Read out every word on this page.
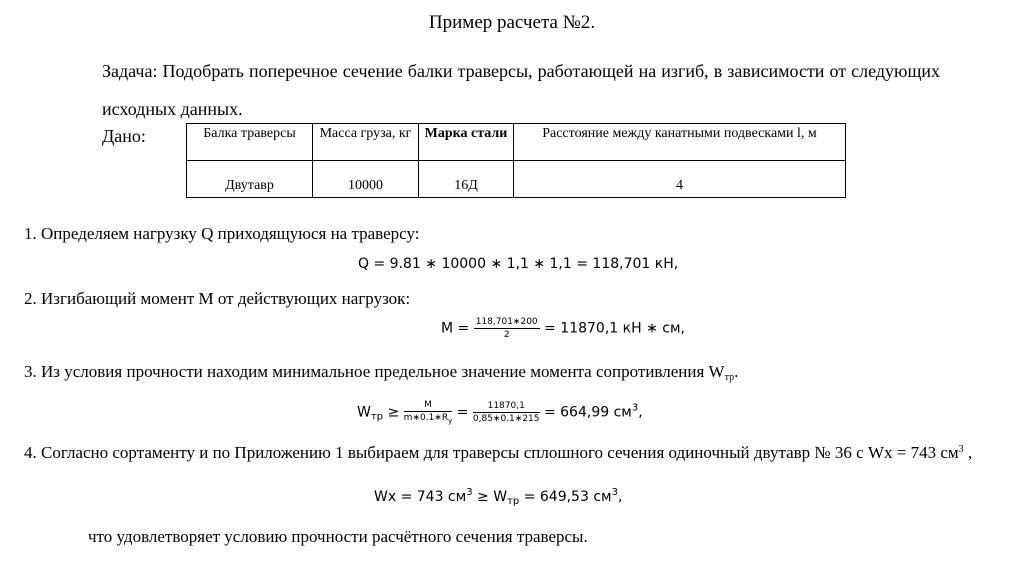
Пример расчета №2.
Задача: Подобрать поперечное сечение балки траверсы, работающей на изгиб, в зависимости от следующих исходных данных.
Дано:	Балка траверсы	Масса груза, кг	Марка стали	Расстояние между канатными подвесками l, м
Двутавр	10000	16Д	4
1. Определяем нагрузку Q приходящуюся на траверсу:
Q = 9.81 ∗ 10000 ∗ 1,1 ∗ 1,1 = 118,701 кН,
2. Изгибающий момент M от действующих нагрузок:
$M = \frac{118,701∗200}{2} = 11870,1$ кН ∗ см,
3. Из условия прочности находим минимальное предельное значение момента сопротивления $W_{тр}$.
$W_{тр} \ge \frac{M}{m∗0.1∗R_y} = \frac{11870,1}{0,85∗0.1∗215} = 664,99$ $см^3$,
4. Согласно сортаменту и по Приложению 1 выбираем для траверсы сплошного сечения одиночный двутавр № 36 с Wx = 743 $см^3$ ,
Wx = 743 $см^3 \ge W_{тр} = 649,53$ $см^3$,
что удовлетворяет условию прочности расчётного сечения траверсы.
